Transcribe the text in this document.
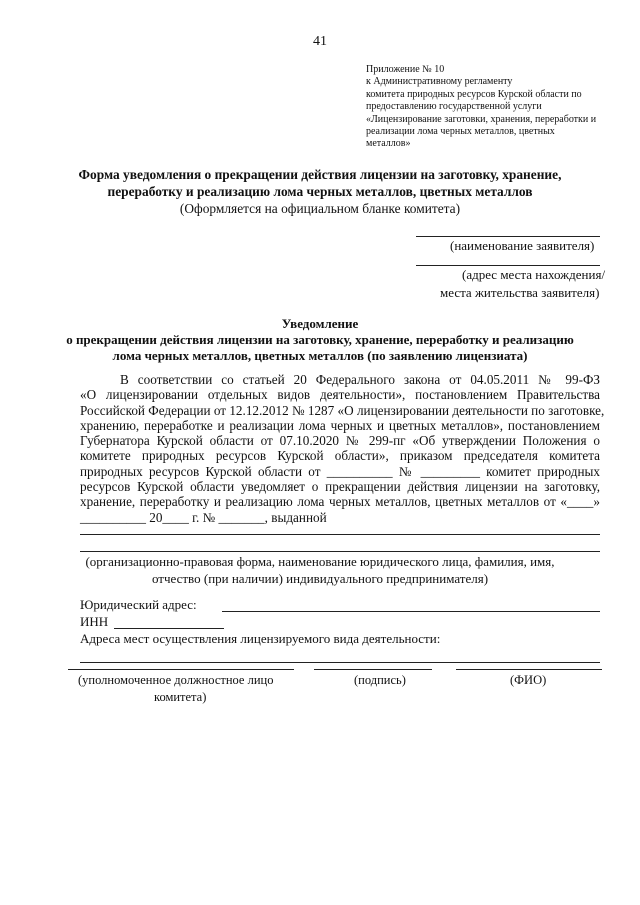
41
Приложение № 10
к Административному регламенту
комитета природных ресурсов Курской области по
предоставлению государственной услуги
«Лицензирование заготовки, хранения, переработки и
реализации лома черных металлов, цветных
металлов»
Форма уведомления о прекращении действия лицензии на заготовку, хранение,
переработку и реализацию лома черных металлов, цветных металлов
(Оформляется на официальном бланке комитета)
(наименование заявителя)
(адрес места нахождения/
места жительства заявителя)
Уведомление
о прекращении действия лицензии на заготовку, хранение, переработку и реализацию
лома черных металлов, цветных металлов (по заявлению лицензиата)
В соответствии со статьей 20 Федерального закона от 04.05.2011 № 99-ФЗ
«О лицензировании отдельных видов деятельности», постановлением Правительства
Российской Федерации от 12.12.2012 № 1287 «О лицензировании деятельности по заготовке,
хранению, переработке и реализации лома черных и цветных металлов», постановлением
Губернатора Курской области от 07.10.2020 № 299-пг «Об утверждении Положения о
комитете природных ресурсов Курской области», приказом председателя комитета
природных ресурсов Курской области от __________ № _________ комитет природных
ресурсов Курской области уведомляет о прекращении действия лицензии на заготовку,
хранение, переработку и реализацию лома черных металлов, цветных металлов от «____»
__________ 20____ г. № _______, выданной
(организационно-правовая форма, наименование юридического лица, фамилия, имя,
отчество (при наличии) индивидуального предпринимателя)
Юридический адрес:
ИНН
Адреса мест осуществления лицензируемого вида деятельности:
(уполномоченное должностное лицо
комитета)
(подпись)	(ФИО)
